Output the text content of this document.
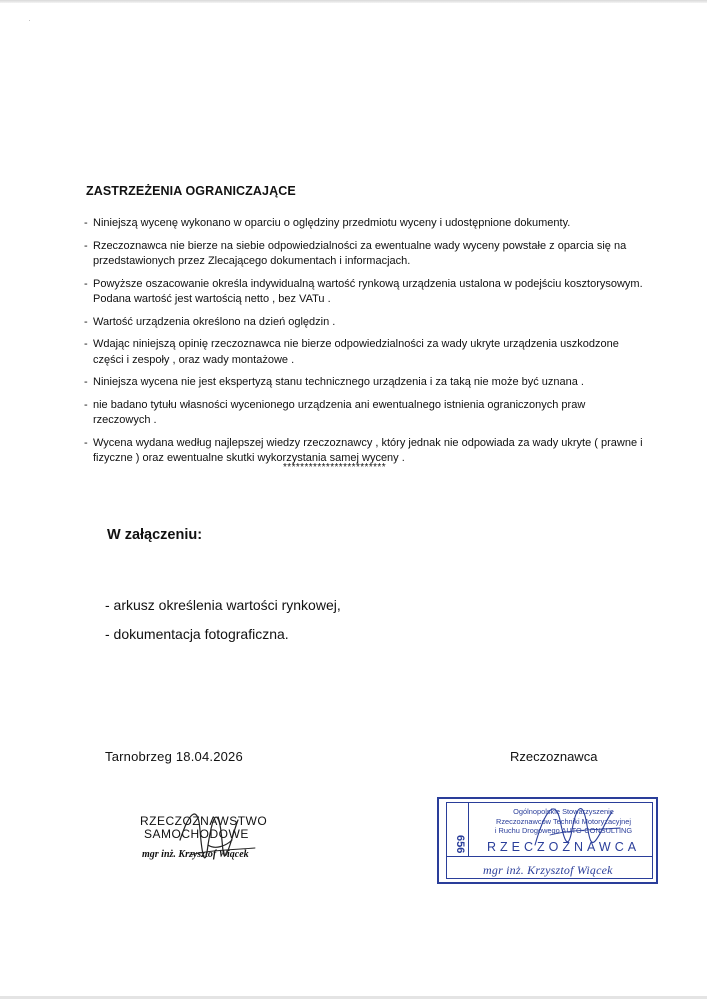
·
ZASTRZEŻENIA OGRANICZAJĄCE
- Niniejszą wycenę wykonano w oparciu o oględziny przedmiotu wyceny i udostępnione dokumenty.
- Rzeczoznawca nie bierze na siebie odpowiedzialności za ewentualne wady wyceny powstałe z oparcia się na przedstawionych przez Zlecającego dokumentach i informacjach.
- Powyższe oszacowanie określa indywidualną wartość rynkową urządzenia ustalona w podejściu kosztorysowym. Podana wartość jest wartością netto , bez VATu .
- Wartość urządzenia określono na dzień oględzin .
- Wdając niniejszą opinię rzeczoznawca nie bierze odpowiedzialności za wady ukryte urządzenia uszkodzone części i zespoły , oraz wady montażowe .
- Niniejsza wycena nie jest ekspertyzą stanu technicznego urządzenia i za taką nie może być uznana .
- nie badano tytułu własności wycenionego urządzenia ani ewentualnego istnienia ograniczonych praw rzeczowych .
- Wycena wydana według najlepszej wiedzy rzeczoznawcy , który jednak nie odpowiada za wady ukryte ( prawne i fizyczne ) oraz ewentualne skutki wykorzystania samej wyceny .
************************
W załączeniu:
- arkusz określenia wartości rynkowej,
- dokumentacja fotograficzna.
Tarnobrzeg 18.04.2026	Rzeczoznawca
RZECZOZNAWSTWO
SAMOCHODOWE
mgr inż. Krzysztof Wiącek
656
Ogólnopolskie Stowarzyszenie
Rzeczoznawców Techniki Motoryzacyjnej
i Ruchu Drogowego AUTO-CONSULTING
RZECZOZNAWCA
mgr inż. Krzysztof Wiącek
